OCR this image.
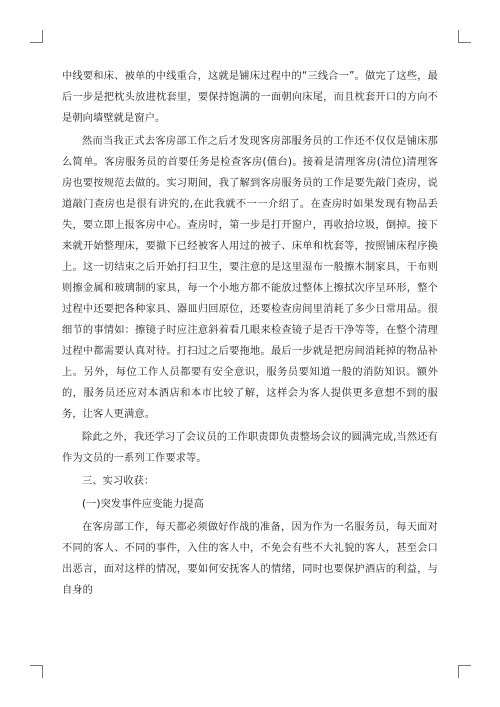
中线要和床、被单的中线重合，这就是铺床过程中的“三线合一”。做完了这些，最后一步是把枕头放进枕套里，要保持饱满的一面朝向床尾，而且枕套开口的方向不是朝向墙壁就是窗户。

然而当我正式去客房部工作之后才发现客房部服务员的工作还不仅仅是铺床那么简单。客房服务员的首要任务是检查客房(值台)。接着是清理客房(清位)清理客房也要按规范去做的。实习期间，我了解到客房服务员的工作是要先敲门查房，说道敲门查房也是很有讲究的,在此我就不一一介绍了。在查房时如果发现有物品丢失，要立即上报客房中心。查房时，第一步是打开窗户，再收拾垃圾，倒掉。接下来就开始整理床，要撤下已经被客人用过的被子、床单和枕套等，按照铺床程序换上。这一切结束之后开始打扫卫生，要注意的是这里湿布一般擦木制家具，干布则则擦金属和玻璃制的家具，每一个小地方都不能放过整体上擦拭次序呈环形，整个过程中还要把各种家具、器皿归回原位，还要检查房间里消耗了多少日常用品。很细节的事情如：擦镜子时应注意斜着看几眼来检查镜子是否干净等等，在整个清理过程中都需要认真对待。打扫过之后要拖地。最后一步就是把房间消耗掉的物品补上。另外，每位工作人员都要有安全意识，服务员要知道一般的消防知识。额外的，服务员还应对本酒店和本市比较了解，这样会为客人提供更多意想不到的服务，让客人更满意。

除此之外，我还学习了会议员的工作职责即负责整场会议的圆满完成,当然还有作为文员的一系列工作要求等。

三、实习收获：

(一)突发事件应变能力提高

在客房部工作，每天都必须做好作战的准备，因为作为一名服务员，每天面对不同的客人、不同的事件，入住的客人中，不免会有些不大礼貌的客人，甚至会口出恶言，面对这样的情况，要如何安抚客人的情绪，同时也要保护酒店的利益，与自身的
